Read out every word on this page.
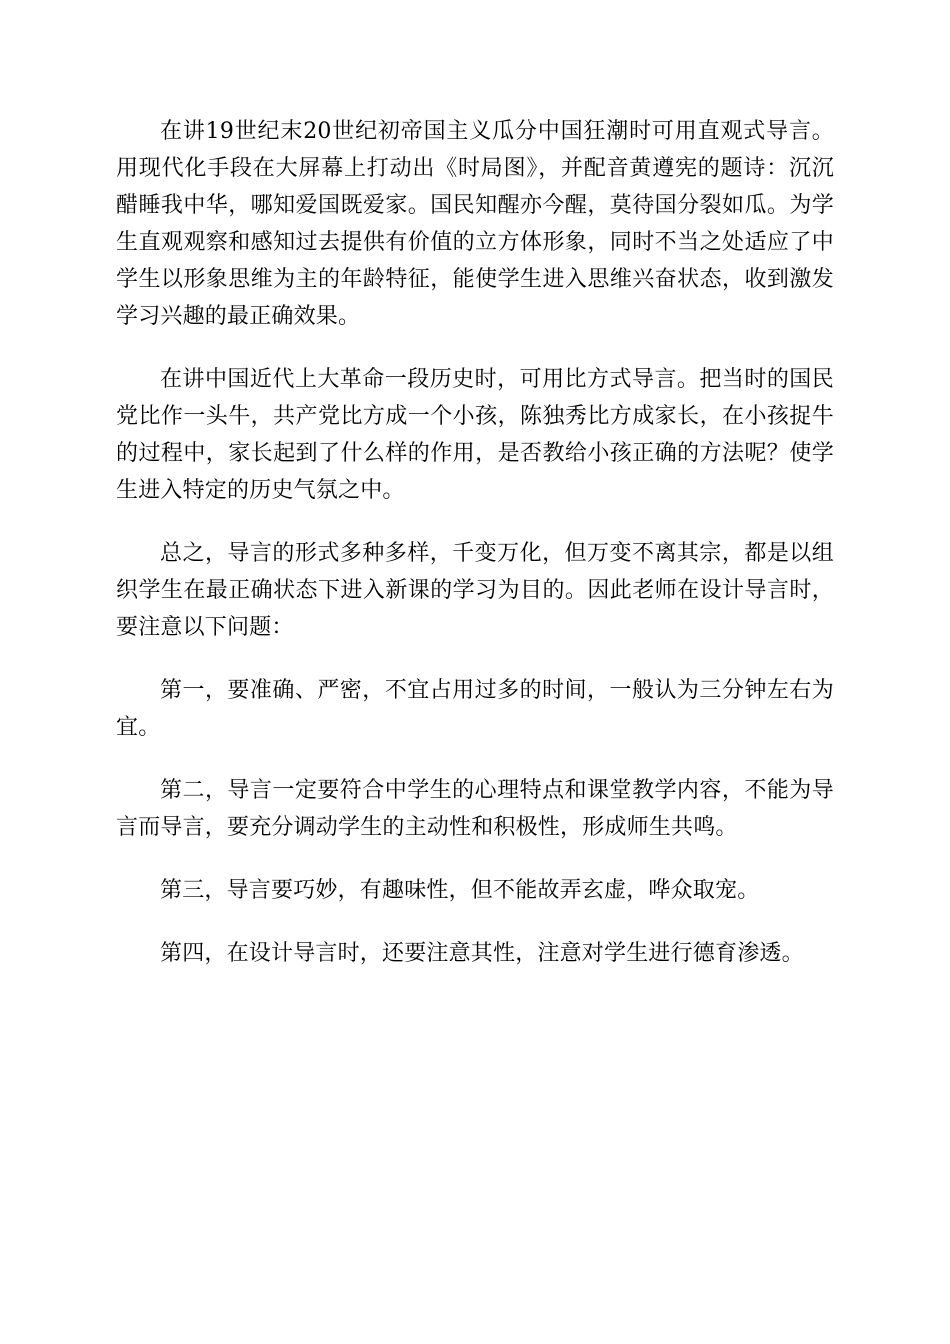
在讲19世纪末20世纪初帝国主义瓜分中国狂潮时可用直观式导言。用现代化手段在大屏幕上打动出《时局图》，并配音黄遵宪的题诗：沉沉醋睡我中华，哪知爱国既爱家。国民知醒亦今醒，莫待国分裂如瓜。为学生直观观察和感知过去提供有价值的立方体形象，同时不当之处适应了中学生以形象思维为主的年龄特征，能使学生进入思维兴奋状态，收到激发学习兴趣的最正确效果。

在讲中国近代上大革命一段历史时，可用比方式导言。把当时的国民党比作一头牛，共产党比方成一个小孩，陈独秀比方成家长，在小孩捉牛的过程中，家长起到了什么样的作用，是否教给小孩正确的方法呢？使学生进入特定的历史气氛之中。

总之，导言的形式多种多样，千变万化，但万变不离其宗，都是以组织学生在最正确状态下进入新课的学习为目的。因此老师在设计导言时，要注意以下问题：

第一，要准确、严密，不宜占用过多的时间，一般认为三分钟左右为宜。

第二，导言一定要符合中学生的心理特点和课堂教学内容，不能为导言而导言，要充分调动学生的主动性和积极性，形成师生共鸣。

第三，导言要巧妙，有趣味性，但不能故弄玄虚，哗众取宠。

第四，在设计导言时，还要注意其性，注意对学生进行德育渗透。
